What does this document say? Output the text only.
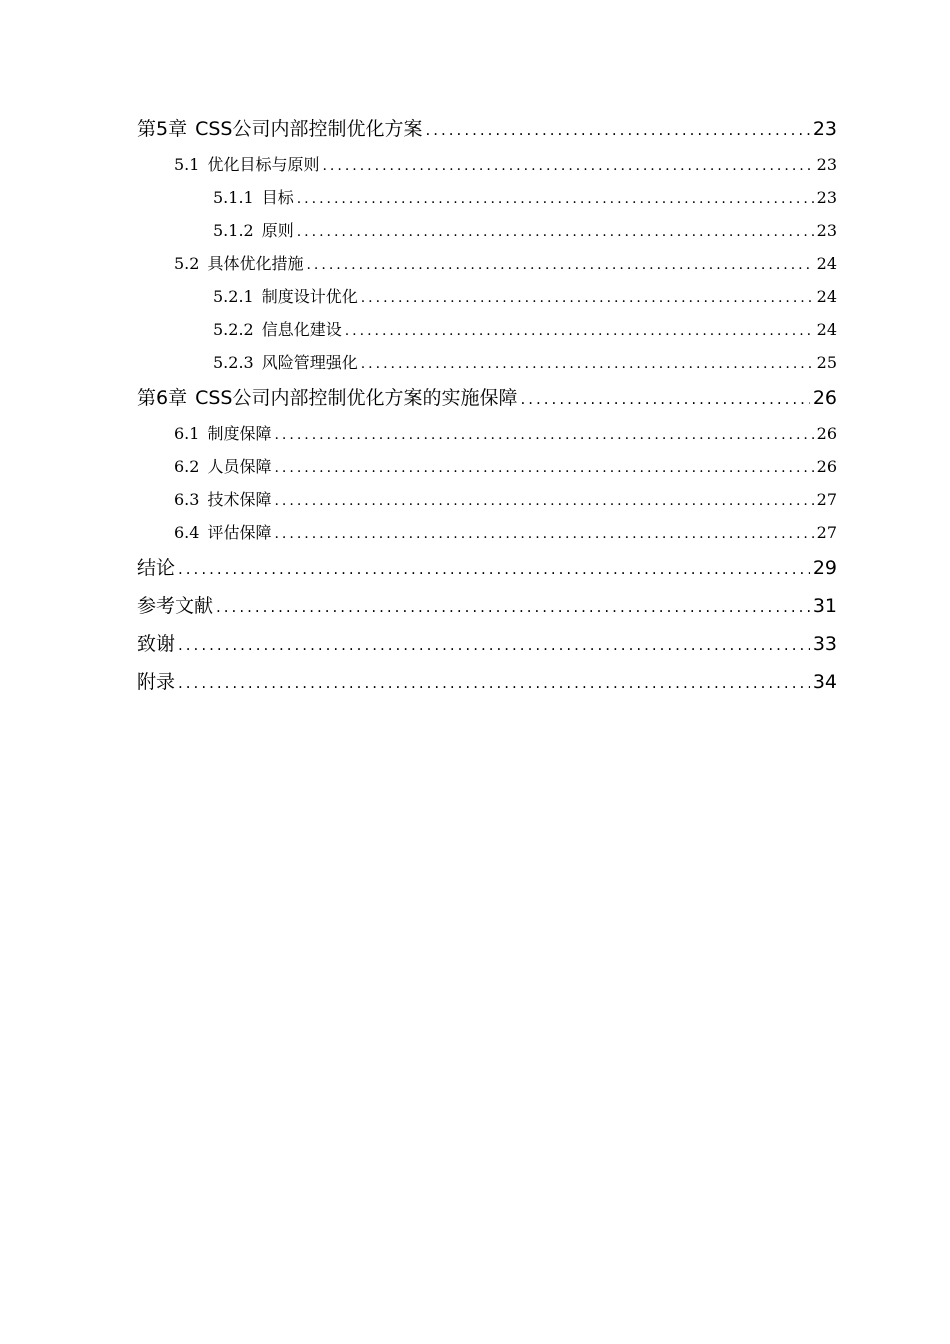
第5章 CSS公司内部控制优化方案 .....	23
5.1 优化目标与原则 .....	23
5.1.1 目标 .....	23
5.1.2 原则 .....	23
5.2 具体优化措施 .....	24
5.2.1 制度设计优化 .....	24
5.2.2 信息化建设 .....	24
5.2.3 风险管理强化 .....	25
第6章 CSS公司内部控制优化方案的实施保障 .....	26
6.1 制度保障 .....	26
6.2 人员保障 .....	26
6.3 技术保障 .....	27
6.4 评估保障 .....	27
结论 .....	29
参考文献 .....	31
致谢 .....	33
附录 .....	34
